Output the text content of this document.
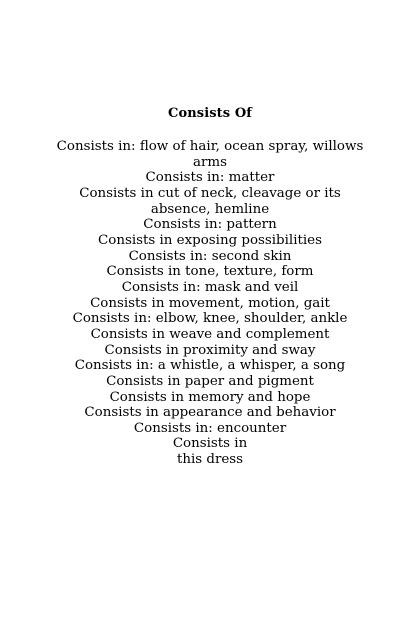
Consists Of
Consists in: flow of hair, ocean spray, willows arms
Consists in: matter
Consists in cut of neck, cleavage or its absence, hemline
Consists in: pattern
Consists in exposing possibilities
Consists in: second skin
Consists in tone, texture, form
Consists in: mask and veil
Consists in movement, motion, gait
Consists in: elbow, knee, shoulder, ankle
Consists in weave and complement
Consists in proximity and sway
Consists in: a whistle, a whisper, a song
Consists in paper and pigment
Consists in memory and hope
Consists in appearance and behavior
Consists in: encounter
Consists in
this dress
